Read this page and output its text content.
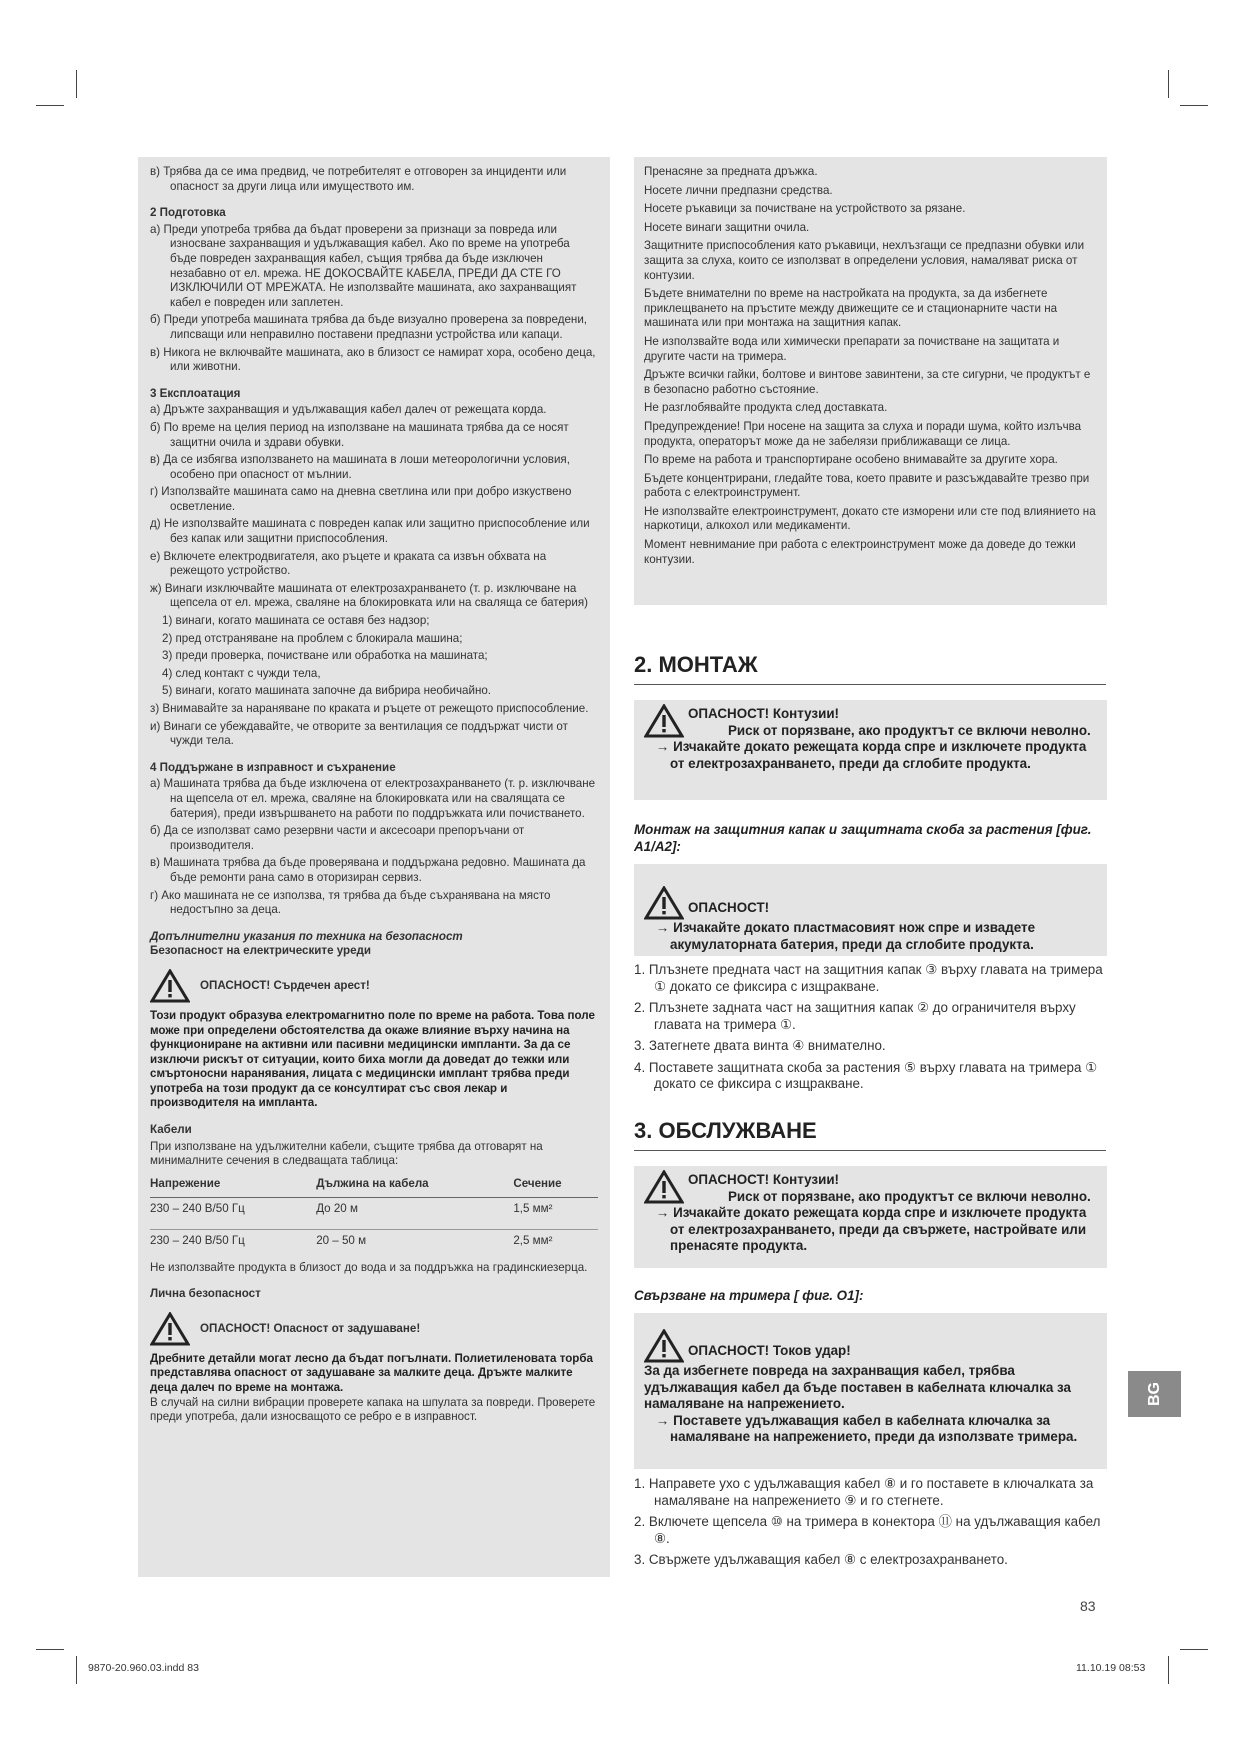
в) Трябва да се има предвид, че потребителят е отговорен за инциденти или опасност за други лица или имуществото им.

2 Подготовка

а) Преди употреба трябва да бъдат проверени за признаци за повреда или износване захранващия и удължаващия кабел. Ако по време на употреба бъде повреден захранващия кабел, същия трябва да бъде изключен незабавно от ел. мрежа. НЕ ДОКОСВАЙТЕ КАБЕЛА, ПРЕДИ ДА СТЕ ГО ИЗКЛЮЧИЛИ ОТ МРЕЖАТА. Не използвайте машината, ако захранващият кабел е повреден или заплетен.

б) Преди употреба машината трябва да бъде визуално проверена за повредени, липсващи или неправилно поставени предпазни устройства или капаци.

в) Никога не включвайте машината, ако в близост се намират хора, особено деца, или животни.

3 Експлоатация

а) Дръжте захранващия и удължаващия кабел далеч от режещата корда.

б) По време на целия период на използване на машината трябва да се носят защитни очила и здрави обувки.

в) Да се избягва използването на машината в лоши метеорологични условия, особено при опасност от мълнии.

г) Използвайте машината само на дневна светлина или при добро изкуствено осветление.

д) Не използвайте машината с повреден капак или защитно приспособление или без капак или защитни приспособления.

е) Включете електродвигателя, ако ръцете и краката са извън обхвата на режещото устройство.

ж) Винаги изключвайте машината от електрозахранването (т. р. изключване на щепсела от ел. мрежа, сваляне на блокировката или на сваляща се батерия)

1) винаги, когато машината се оставя без надзор;

2) пред отстраняване на проблем с блокирала машина;

3) преди проверка, почистване или обработка на машината;

4) след контакт с чужди тела,

5) винаги, когато машината започне да вибрира необичайно.

з) Внимавайте за нараняване по краката и ръцете от режещото приспособление.

и) Винаги се убеждавайте, че отворите за вентилация се поддържат чисти от чужди тела.

4 Поддържане в изправност и съхранение

а) Машината трябва да бъде изключена от електрозахранването (т. р. изключване на щепсела от ел. мрежа, сваляне на блокировката или на свалящата се батерия), преди извършването на работи по поддръжката или почистването.

б) Да се използват само резервни части и аксесоари препоръчани от производителя.

в) Машината трябва да бъде проверявана и поддържана редовно. Машината да бъде ремонти рана само в оторизиран сервиз.

г) Ако машината не се използва, тя трябва да бъде съхранявана на място недостъпно за деца.

Допълнителни указания по техника на безопасност

Безопасност на електрическите уреди

ОПАСНОСТ! Сърдечен арест!

Този продукт образува електромагнитно поле по време на работа. Това поле може при определени обстоятелства да окаже влияние върху начина на функциониране на активни или пасивни медицински импланти. За да се изключи рискът от ситуации, които биха могли да доведат до тежки или смъртоносни наранявания, лицата с медицински имплант трябва преди употреба на този продукт да се консултират със своя лекар и производителя на импланта.

Кабели

При използване на удължителни кабели, същите трябва да отговарят на минималните сечения в следващата таблица:

Напрежение	Дължина на кабела	Сечение
230 – 240 В/50 Гц	До 20 м	1,5 мм²
230 – 240 В/50 Гц	20 – 50 м	2,5 мм²

Не използвайте продукта в близост до вода и за поддръжка на градинскиезерца.

Лична безопасност

ОПАСНОСТ! Опасност от задушаване!

Дребните детайли могат лесно да бъдат погълнати. Полиетиленовата торба представлява опасност от задушаване за малките деца. Дръжте малките деца далеч по време на монтажа.

В случай на силни вибрации проверете капака на шпулата за повреди. Проверете преди употреба, дали износващото се ребро е в изправност.

Пренасяне за предната дръжка.

Носете лични предпазни средства.

Носете ръкавици за почистване на устройството за рязане.

Носете винаги защитни очила.

Защитните приспособления като ръкавици, нехлъзгащи се предпазни обувки или защита за слуха, които се използват в определени условия, намаляват риска от контузии.

Бъдете внимателни по време на настройката на продукта, за да избегнете приклещването на пръстите между движещите се и стационарните части на машината или при монтажа на защитния капак.

Не използвайте вода или химически препарати за почистване на защитата и другите части на тримера.

Дръжте всички гайки, болтове и винтове завинтени, за сте сигурни, че продуктът е в безопасно работно състояние.

Не разглобявайте продукта след доставката.

Предупреждение! При носене на защита за слуха и поради шума, който излъчва продукта, операторът може да не забелязи приближаващи се лица.

По време на работа и транспортиране особено внимавайте за другите хора.

Бъдете концентрирани, гледайте това, което правите и разсъждавайте трезво при работа с електроинструмент.

Не използвайте електроинструмент, докато сте изморени или сте под влиянието на наркотици, алкохол или медикаменти.

Момент невнимание при работа с електроинструмент може да доведе до тежки контузии.

2. МОНТАЖ
ОПАСНОСТ! Контузии!
Риск от порязване, ако продуктът се включи неволно.
→ Изчакайте докато режещата корда спре и изключете продукта от електрозахранването, преди да сглобите продукта.
Монтаж на защитния капак и защитната скоба за растения [фиг. A1/A2]:
ОПАСНОСТ!
→ Изчакайте докато пластмасовият нож спре и извадете акумулаторната батерия, преди да сглобите продукта.

1. Плъзнете предната част на защитния капак ③ върху главата на тримера ① докато се фиксира с изщракване.

2. Плъзнете задната част на защитния капак ② до ограничителя върху главата на тримера ①.

3. Затегнете двата винта ④ внимателно.

4. Поставете защитната скоба за растения ⑤ върху главата на тримера ① докато се фиксира с изщракване.

3. ОБСЛУЖВАНЕ
ОПАСНОСТ! Контузии!
Риск от порязване, ако продуктът се включи неволно.
→ Изчакайте докато режещата корда спре и изключете продукта от електрозахранването, преди да свържете, настройвате или пренасяте продукта.
Свързване на тримера [ фиг. O1]:
ОПАСНОСТ! Токов удар!
За да избегнете повреда на захранващия кабел, трябва удължаващия кабел да бъде поставен в кабелната ключалка за намаляване на напрежението.
→ Поставете удължаващия кабел в кабелната ключалка за намаляване на напрежението, преди да използвате тримера.

1. Направете ухо с удължаващия кабел ⑧ и го поставете в ключалката за намаляване на напрежението ⑨ и го стегнете.

2. Включете щепсела ⑩ на тримера в конектора ⑪ на удължаващия кабел ⑧.

3. Свържете удължаващия кабел ⑧ с електрозахранването.

BG
83
9870-20.960.03.indd 83	11.10.19 08:53
